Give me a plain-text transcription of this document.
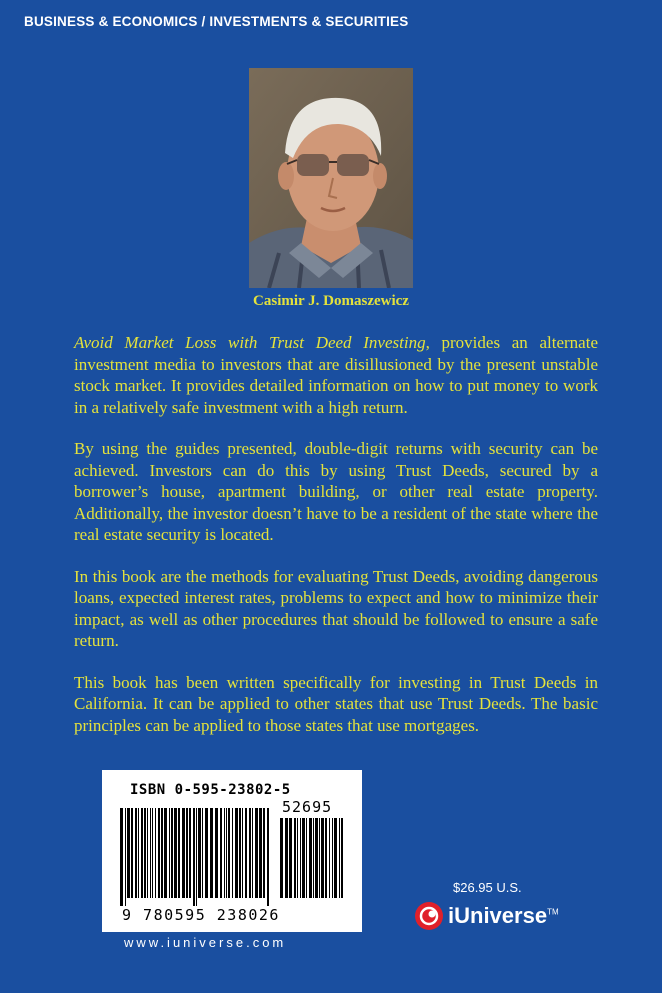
BUSINESS & ECONOMICS / INVESTMENTS & SECURITIES
Casimir J. Domaszewicz

Avoid Market Loss with Trust Deed Investing, provides an alternate investment media to investors that are disillusioned by the present unstable stock market. It provides detailed information on how to put money to work in a relatively safe investment with a high return.

By using the guides presented, double-digit returns with security can be achieved. Investors can do this by using Trust Deeds, secured by a borrower’s house, apartment building, or other real estate property. Additionally, the investor doesn’t have to be a resident of the state where the real estate security is located.

In this book are the methods for evaluating Trust Deeds, avoiding dangerous loans, expected interest rates, problems to expect and how to minimize their impact, as well as other procedures that should be followed to ensure a safe return.

This book has been written specifically for investing in Trust Deeds in California. It can be applied to other states that use Trust Deeds. The basic principles can be applied to those states that use mortgages.

ISBN 0-595-23802-5
52695
9 780595 238026
www.iuniverse.com
$26.95 U.S.
iUniverse™
